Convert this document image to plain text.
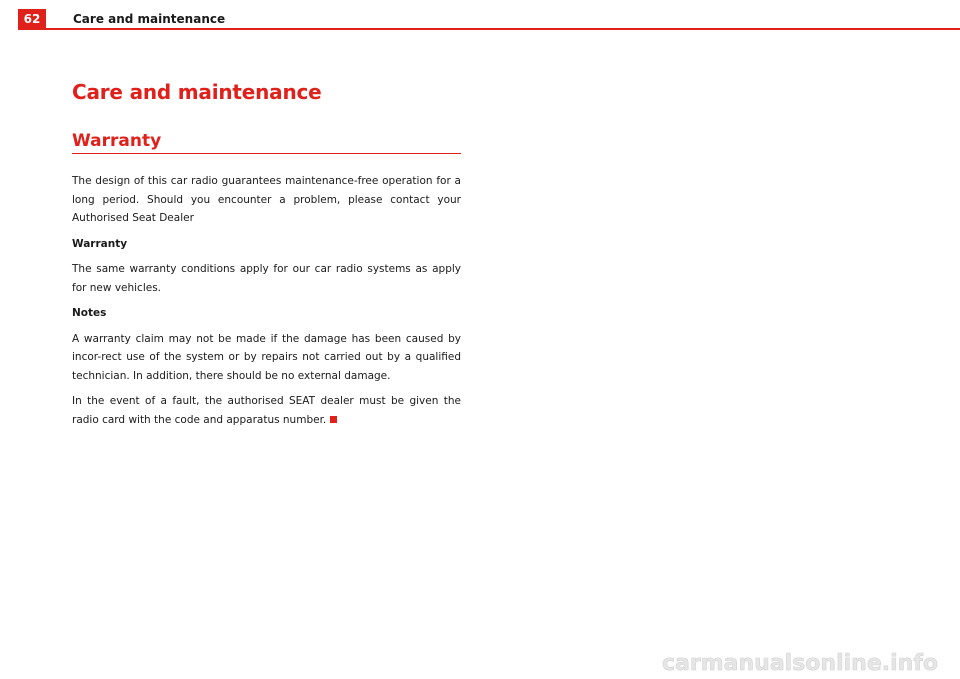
62	Care and maintenance
Care and maintenance
Warranty

The design of this car radio guarantees maintenance-free operation for a long period. Should you encounter a problem, please contact your Authorised Seat Dealer

Warranty

The same warranty conditions apply for our car radio systems as apply for new vehicles.

Notes

A warranty claim may not be made if the damage has been caused by incor-rect use of the system or by repairs not carried out by a qualified technician. In addition, there should be no external damage.

In the event of a fault, the authorised SEAT dealer must be given the radio card with the code and apparatus number.

carmanualsonline.info
